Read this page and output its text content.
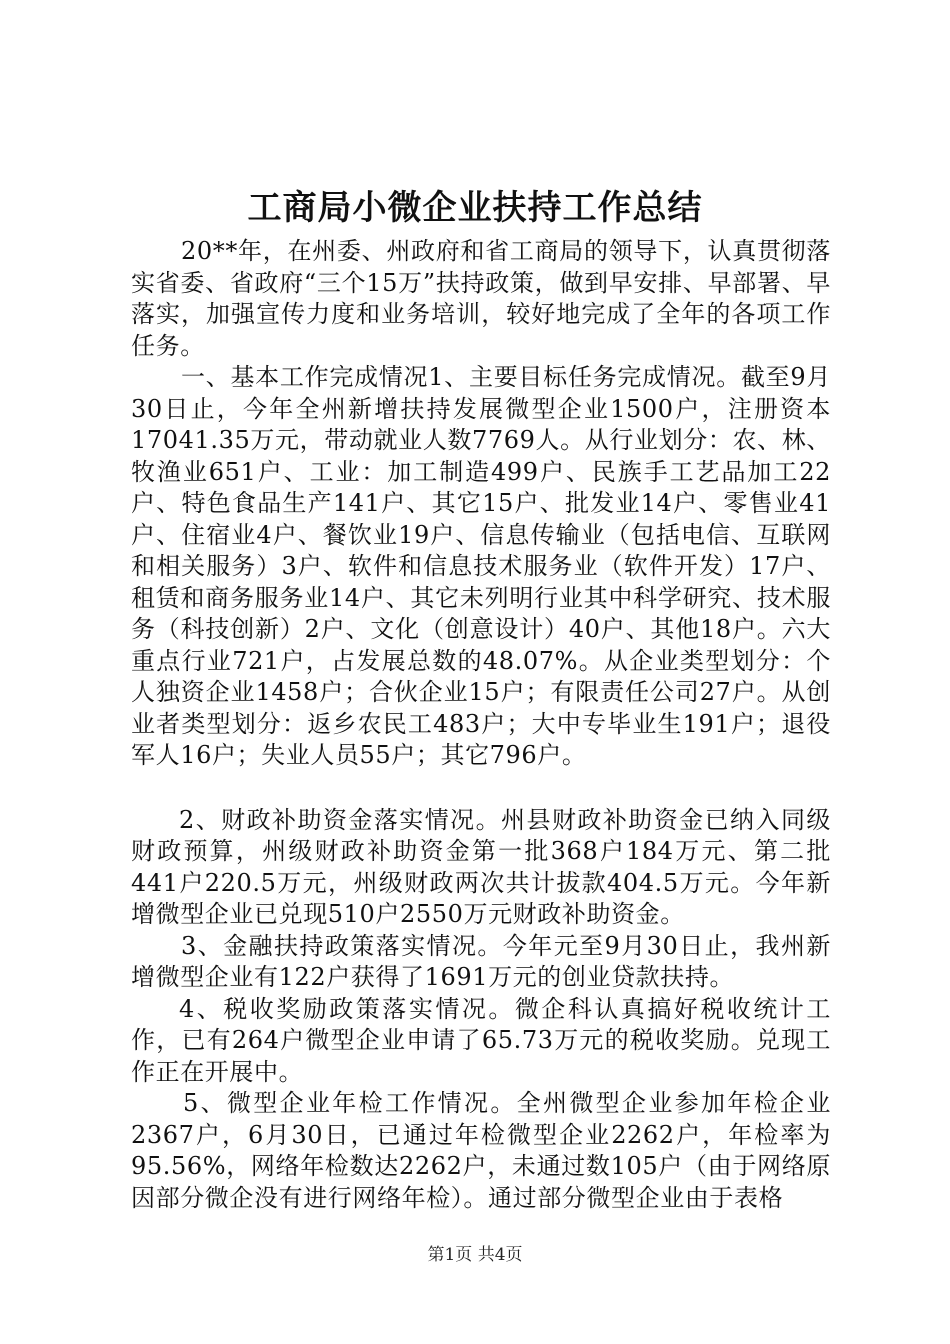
工商局小微企业扶持工作总结

20**年，在州委、州政府和省工商局的领导下，认真贯彻落实省委、省政府“三个15万”扶持政策，做到早安排、早部署、早落实，加强宣传力度和业务培训，较好地完成了全年的各项工作任务。

一、基本工作完成情况1、主要目标任务完成情况。截至9月30日止，今年全州新增扶持发展微型企业1500户，注册资本17041.35万元，带动就业人数7769人。从行业划分：农、林、牧渔业651户、工业：加工制造499户、民族手工艺品加工22户、特色食品生产141户、其它15户、批发业14户、零售业41户、住宿业4户、餐饮业19户、信息传输业（包括电信、互联网和相关服务）3户、软件和信息技术服务业（软件开发）17户、租赁和商务服务业14户、其它未列明行业其中科学研究、技术服务（科技创新）2户、文化（创意设计）40户、其他18户。六大重点行业721户，占发展总数的48.07%。从企业类型划分：个人独资企业1458户；合伙企业15户；有限责任公司27户。从创业者类型划分：返乡农民工483户；大中专毕业生191户；退役军人16户；失业人员55户；其它796户。

2、财政补助资金落实情况。州县财政补助资金已纳入同级财政预算，州级财政补助资金第一批368户184万元、第二批441户220.5万元，州级财政两次共计拔款404.5万元。今年新增微型企业已兑现510户2550万元财政补助资金。

3、金融扶持政策落实情况。今年元至9月30日止，我州新增微型企业有122户获得了1691万元的创业贷款扶持。

4、税收奖励政策落实情况。微企科认真搞好税收统计工作，已有264户微型企业申请了65.73万元的税收奖励。兑现工作正在开展中。

5、微型企业年检工作情况。全州微型企业参加年检企业2367户，6月30日，已通过年检微型企业2262户，年检率为95.56%，网络年检数达2262户，未通过数105户（由于网络原因部分微企没有进行网络年检）。通过部分微型企业由于表格

第1页 共4页
